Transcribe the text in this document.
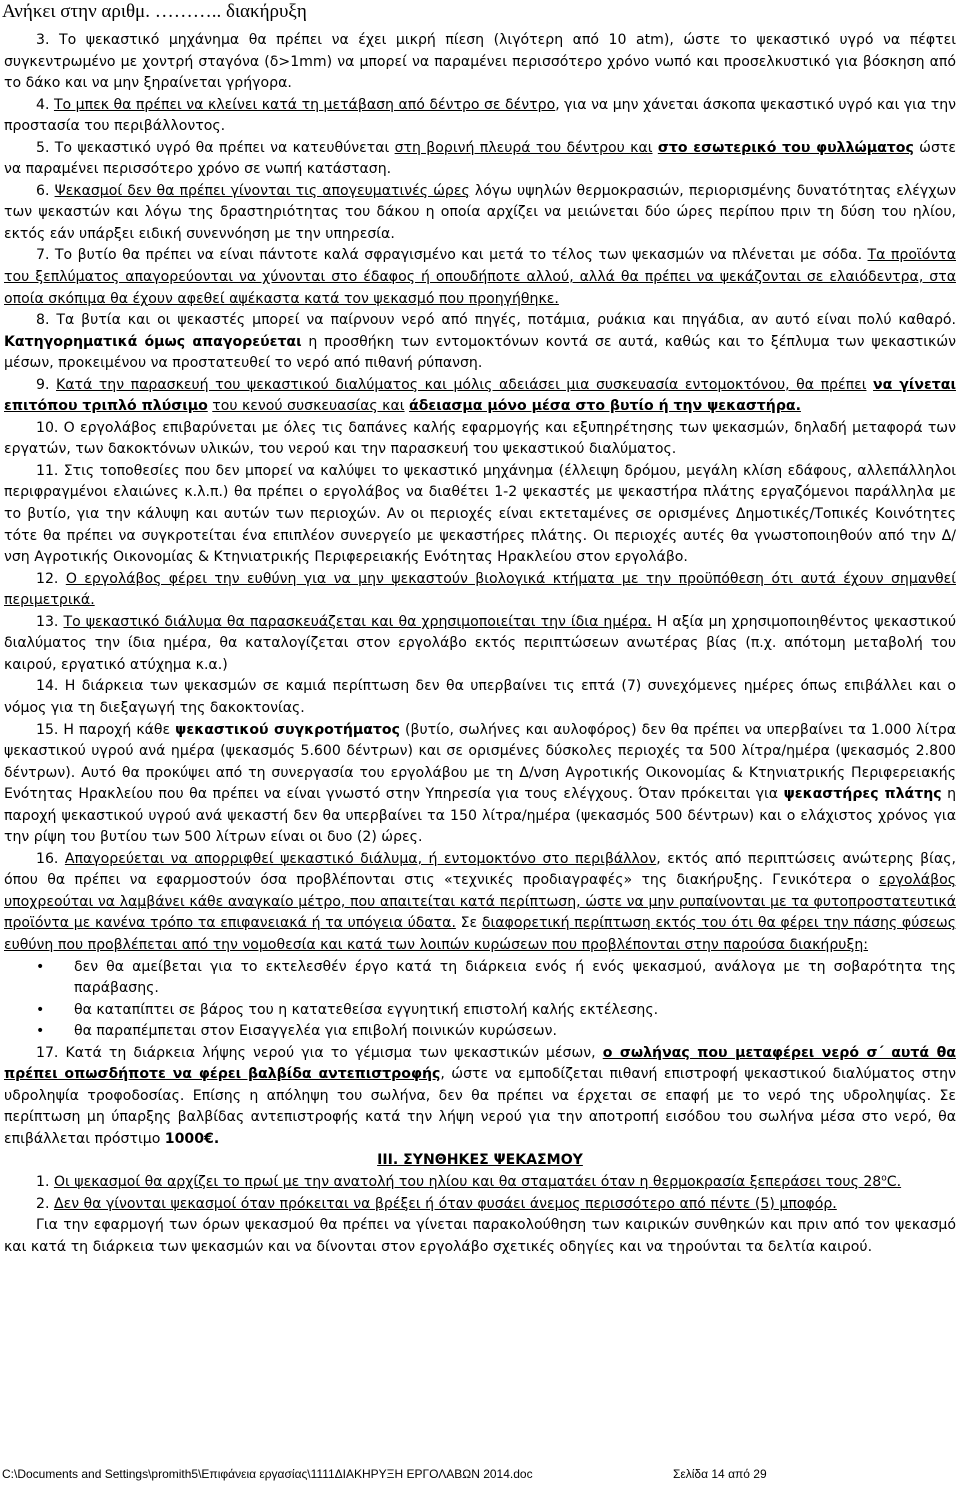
Ανήκει στην αριθμ. ……….. διακήρυξη

3. Το ψεκαστικό μηχάνημα θα πρέπει να έχει μικρή πίεση (λιγότερη από 10 atm), ώστε το ψεκαστικό υγρό να πέφτει συγκεντρωμένο με χοντρή σταγόνα (δ>1mm) να μπορεί να παραμένει περισσότερο χρόνο νωπό και προσελκυστικό για βόσκηση από το δάκο και να μην ξηραίνεται γρήγορα.

4. Το μπεκ θα πρέπει να κλείνει κατά τη μετάβαση από δέντρο σε δέντρο, για να μην χάνεται άσκοπα ψεκαστικό υγρό και για την προστασία του περιβάλλοντος.

5. Το ψεκαστικό υγρό θα πρέπει να κατευθύνεται στη βορινή πλευρά του δέντρου και στο εσωτερικό του φυλλώματος ώστε να παραμένει περισσότερο χρόνο σε νωπή κατάσταση.

6. Ψεκασμοί δεν θα πρέπει γίνονται τις απογευματινές ώρες λόγω υψηλών θερμοκρασιών, περιορισμένης δυνατότητας ελέγχων των ψεκαστών και λόγω της δραστηριότητας του δάκου η οποία αρχίζει να μειώνεται δύο ώρες περίπου πριν τη δύση του ηλίου, εκτός εάν υπάρξει ειδική συνεννόηση με την υπηρεσία.

7. Το βυτίο θα πρέπει να είναι πάντοτε καλά σφραγισμένο και μετά το τέλος των ψεκασμών να πλένεται με σόδα. Τα προϊόντα του ξεπλύματος απαγορεύονται να χύνονται στο έδαφος ή οπουδήποτε αλλού, αλλά θα πρέπει να ψεκάζονται σε ελαιόδεντρα, στα οποία σκόπιμα θα έχουν αφεθεί αψέκαστα κατά τον ψεκασμό που προηγήθηκε.

8. Τα βυτία και οι ψεκαστές μπορεί να παίρνουν νερό από πηγές, ποτάμια, ρυάκια και πηγάδια, αν αυτό είναι πολύ καθαρό. Κατηγορηματικά όμως απαγορεύεται η προσθήκη των εντομοκτόνων κοντά σε αυτά, καθώς και το ξέπλυμα των ψεκαστικών μέσων, προκειμένου να προστατευθεί το νερό από πιθανή ρύπανση.

9. Κατά την παρασκευή του ψεκαστικού διαλύματος και μόλις αδειάσει μια συσκευασία εντομοκτόνου, θα πρέπει να γίνεται επιτόπου τριπλό πλύσιμο του κενού συσκευασίας και άδειασμα μόνο μέσα στο βυτίο ή την ψεκαστήρα.

10. Ο εργολάβος επιβαρύνεται με όλες τις δαπάνες καλής εφαρμογής και εξυπηρέτησης των ψεκασμών, δηλαδή μεταφορά των εργατών, των δακοκτόνων υλικών, του νερού και την παρασκευή του ψεκαστικού διαλύματος.

11. Στις τοποθεσίες που δεν μπορεί να καλύψει το ψεκαστικό μηχάνημα (έλλειψη δρόμου, μεγάλη κλίση εδάφους, αλλεπάλληλοι περιφραγμένοι ελαιώνες κ.λ.π.) θα πρέπει ο εργολάβος να διαθέτει 1-2 ψεκαστές με ψεκαστήρα πλάτης εργαζόμενοι παράλληλα με το βυτίο, για την κάλυψη και αυτών των περιοχών. Αν οι περιοχές είναι εκτεταμένες σε ορισμένες Δημοτικές/Τοπικές Κοινότητες τότε θα πρέπει να συγκροτείται ένα επιπλέον συνεργείο με ψεκαστήρες πλάτης. Οι περιοχές αυτές θα γνωστοποιηθούν από την Δ/νση Αγροτικής Οικονομίας & Κτηνιατρικής Περιφερειακής Ενότητας Ηρακλείου στον εργολάβο.

12. Ο εργολάβος φέρει την ευθύνη για να μην ψεκαστούν βιολογικά κτήματα με την προϋπόθεση ότι αυτά έχουν σημανθεί περιμετρικά.

13. Το ψεκαστικό διάλυμα θα παρασκευάζεται και θα χρησιμοποιείται την ίδια ημέρα. Η αξία μη χρησιμοποιηθέντος ψεκαστικού διαλύματος την ίδια ημέρα, θα καταλογίζεται στον εργολάβο εκτός περιπτώσεων ανωτέρας βίας (π.χ. απότομη μεταβολή του καιρού, εργατικό ατύχημα κ.α.)

14. Η διάρκεια των ψεκασμών σε καμιά περίπτωση δεν θα υπερβαίνει τις επτά (7) συνεχόμενες ημέρες όπως επιβάλλει και ο νόμος για τη διεξαγωγή της δακοκτονίας.

15. Η παροχή κάθε ψεκαστικού συγκροτήματος (βυτίο, σωλήνες και αυλοφόρος) δεν θα πρέπει να υπερβαίνει τα 1.000 λίτρα ψεκαστικού υγρού ανά ημέρα (ψεκασμός 5.600 δέντρων) και σε ορισμένες δύσκολες περιοχές τα 500 λίτρα/ημέρα (ψεκασμός 2.800 δέντρων). Αυτό θα προκύψει από τη συνεργασία του εργολάβου με τη Δ/νση Αγροτικής Οικονομίας & Κτηνιατρικής Περιφερειακής Ενότητας Ηρακλείου που θα πρέπει να είναι γνωστό στην Υπηρεσία για τους ελέγχους. Όταν πρόκειται για ψεκαστήρες πλάτης η παροχή ψεκαστικού υγρού ανά ψεκαστή δεν θα υπερβαίνει τα 150 λίτρα/ημέρα (ψεκασμός 500 δέντρων) και ο ελάχιστος χρόνος για την ρίψη του βυτίου των 500 λίτρων είναι οι δυο (2) ώρες.

16. Απαγορεύεται να απορριφθεί ψεκαστικό διάλυμα, ή εντομοκτόνο στο περιβάλλον, εκτός από περιπτώσεις ανώτερης βίας, όπου θα πρέπει να εφαρμοστούν όσα προβλέπονται στις «τεχνικές προδιαγραφές» της διακήρυξης. Γενικότερα ο εργολάβος υποχρεούται να λαμβάνει κάθε αναγκαίο μέτρο, που απαιτείται κατά περίπτωση, ώστε να μην ρυπαίνονται με τα φυτοπροστατευτικά προϊόντα με κανένα τρόπο τα επιφανειακά ή τα υπόγεια ύδατα. Σε διαφορετική περίπτωση εκτός του ότι θα φέρει την πάσης φύσεως ευθύνη που προβλέπεται από την νομοθεσία και κατά των λοιπών κυρώσεων που προβλέπονται στην παρούσα διακήρυξη:

• δεν θα αμείβεται για το εκτελεσθέν έργο κατά τη διάρκεια ενός ή ενός ψεκασμού, ανάλογα με τη σοβαρότητα της παράβασης.
• θα καταπίπτει σε βάρος του η κατατεθείσα εγγυητική επιστολή καλής εκτέλεσης.
• θα παραπέμπεται στον Εισαγγελέα για επιβολή ποινικών κυρώσεων.

17. Κατά τη διάρκεια λήψης νερού για το γέμισμα των ψεκαστικών μέσων, ο σωλήνας που μεταφέρει νερό σ΄ αυτά θα πρέπει οπωσδήποτε να φέρει βαλβίδα αντεπιστροφής, ώστε να εμποδίζεται πιθανή επιστροφή ψεκαστικού διαλύματος στην υδροληψία τροφοδοσίας. Επίσης η απόληψη του σωλήνα, δεν θα πρέπει να έρχεται σε επαφή με το νερό της υδροληψίας. Σε περίπτωση μη ύπαρξης βαλβίδας αντεπιστροφής κατά την λήψη νερού για την αποτροπή εισόδου του σωλήνα μέσα στο νερό, θα επιβάλλεται πρόστιμο 1000€.

ΙΙΙ. ΣΥΝΘΗΚΕΣ ΨΕΚΑΣΜΟΥ

1. Οι ψεκασμοί θα αρχίζει το πρωί με την ανατολή του ηλίου και θα σταματάει όταν η θερμοκρασία ξεπεράσει τους $28^oC$.

2. Δεν θα γίνονται ψεκασμοί όταν πρόκειται να βρέξει ή όταν φυσάει άνεμος περισσότερο από πέντε (5) μποφόρ.

Για την εφαρμογή των όρων ψεκασμού θα πρέπει να γίνεται παρακολούθηση των καιρικών συνθηκών και πριν από τον ψεκασμό και κατά τη διάρκεια των ψεκασμών και να δίνονται στον εργολάβο σχετικές οδηγίες και να τηρούνται τα δελτία καιρού.

C:\Documents and Settings\promith5\Επιφάνεια εργασίας\1111ΔΙΑΚΗΡΥΞΗ ΕΡΓΟΛΑΒΩΝ 2014.doc	Σελίδα 14 από 29
